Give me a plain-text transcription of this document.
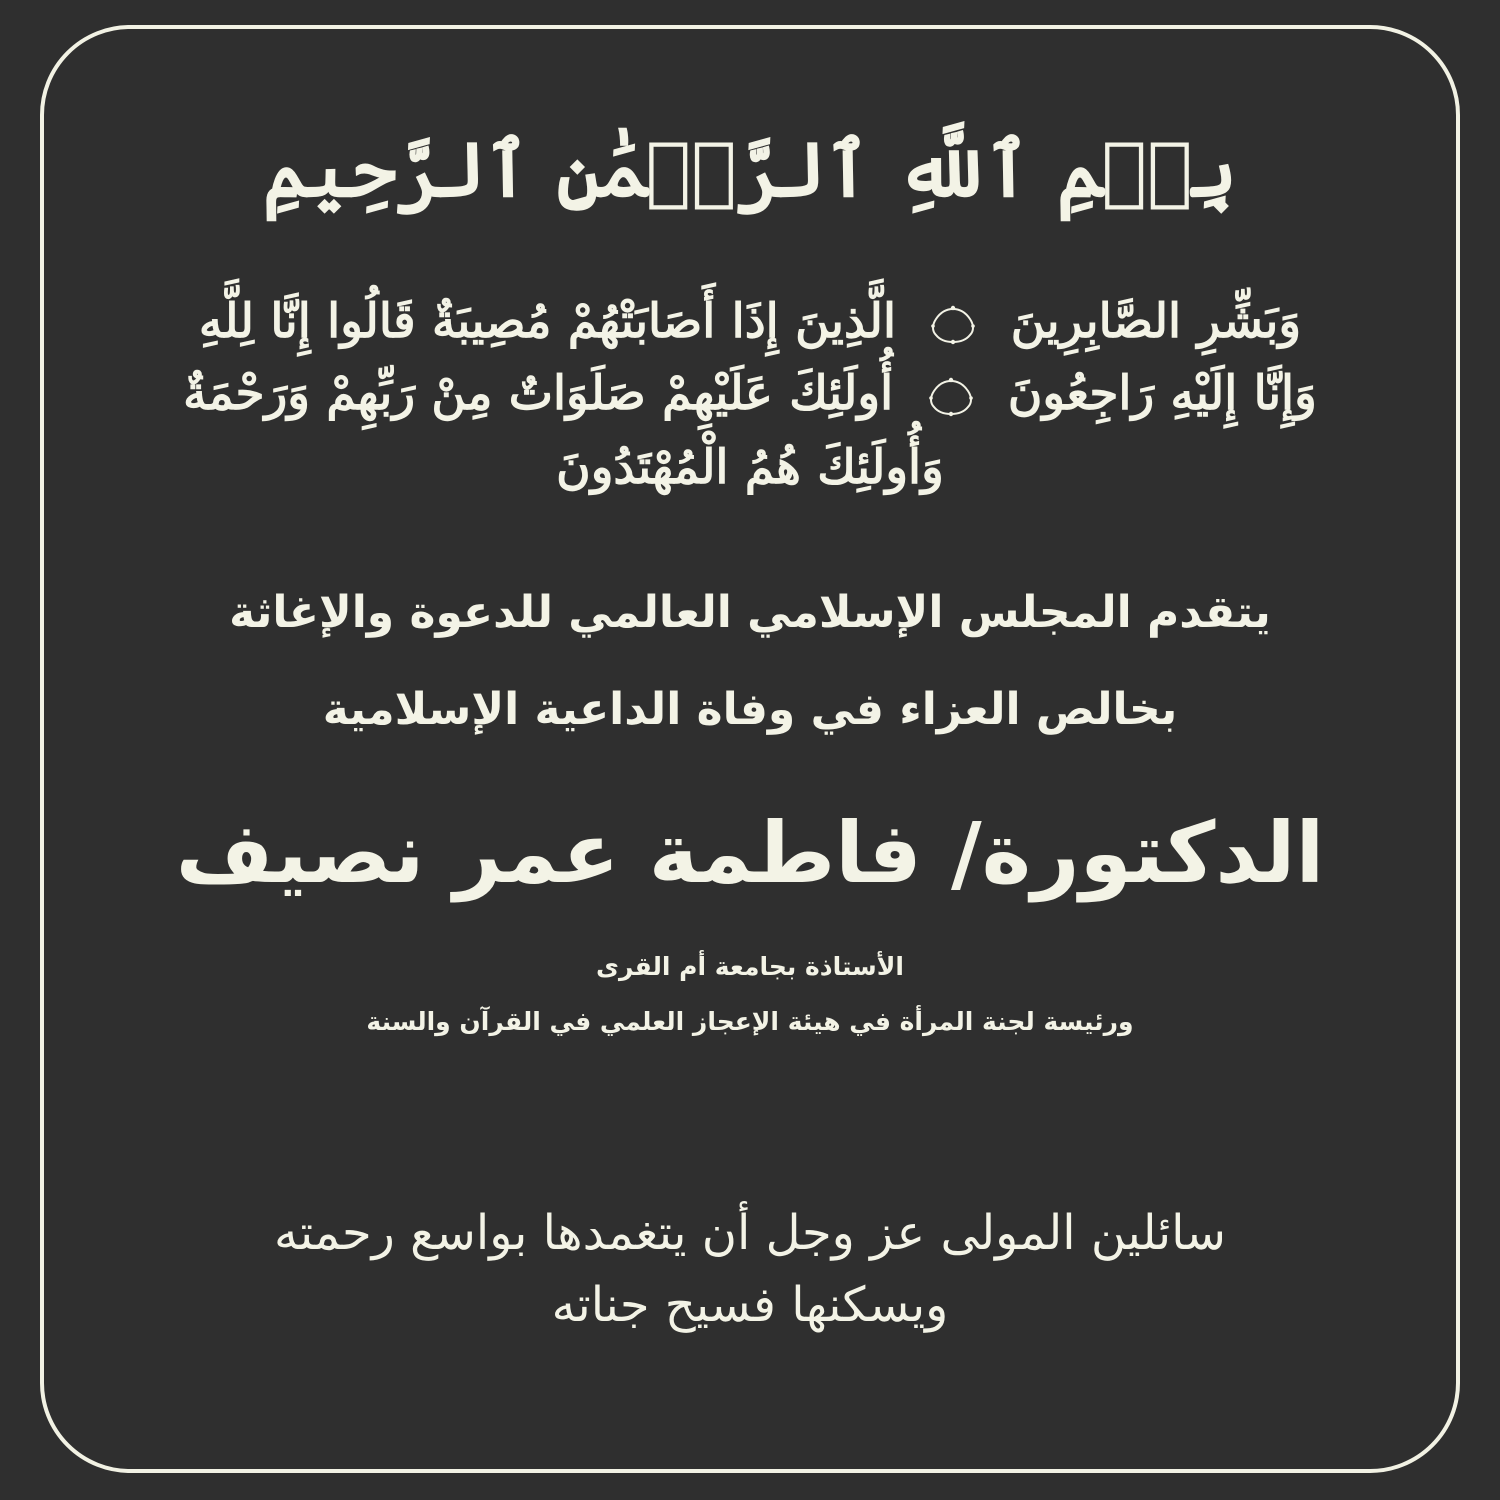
بِسۡمِ ٱللَّهِ ٱلرَّحۡمَٰنِ ٱلرَّحِيمِ
وَبَشِّرِ الصَّابِرِينَ
الَّذِينَ إِذَا أَصَابَتْهُمْ مُصِيبَةٌ قَالُوا إِنَّا لِلَّهِ
وَإِنَّا إِلَيْهِ رَاجِعُونَ
أُولَئِكَ عَلَيْهِمْ صَلَوَاتٌ مِنْ رَبِّهِمْ وَرَحْمَةٌ
وَأُولَئِكَ هُمُ الْمُهْتَدُونَ
يتقدم المجلس الإسلامي العالمي للدعوة والإغاثة
بخالص العزاء في وفاة الداعية الإسلامية
الدكتورة/ فاطمة عمر نصيف
الأستاذة بجامعة أم القرى
ورئيسة لجنة المرأة في هيئة الإعجاز العلمي في القرآن والسنة
سائلين المولى عز وجل أن يتغمدها بواسع رحمته
ويسكنها فسيح جناته
